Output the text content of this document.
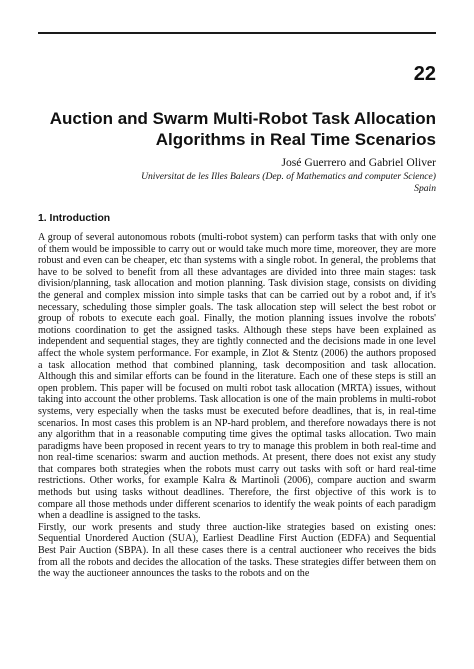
22
Auction and Swarm Multi-Robot Task Allocation
Algorithms in Real Time Scenarios
José Guerrero and Gabriel Oliver
Universitat de les Illes Balears (Dep. of Mathematics and computer Science)
Spain
1. Introduction

A group of several autonomous robots (multi-robot system) can perform tasks that with only one of them would be impossible to carry out or would take much more time, moreover, they are more robust and even can be cheaper, etc than systems with a single robot. In general, the problems that have to be solved to benefit from all these advantages are divided into three main stages: task division/planning, task allocation and motion planning. Task division stage, consists on dividing the general and complex mission into simple tasks that can be carried out by a robot and, if it's necessary, scheduling those simpler goals. The task allocation step will select the best robot or group of robots to execute each goal. Finally, the motion planning issues involve the robots' motions coordination to get the assigned tasks. Although these steps have been explained as independent and sequential stages, they are tightly connected and the decisions made in one level affect the whole system performance. For example, in Zlot & Stentz (2006) the authors proposed a task allocation method that combined planning, task decomposition and task allocation. Although this and similar efforts can be found in the literature. Each one of these steps is still an open problem. This paper will be focused on multi robot task allocation (MRTA) issues, without taking into account the other problems. Task allocation is one of the main problems in multi-robot systems, very especially when the tasks must be executed before deadlines, that is, in real-time scenarios. In most cases this problem is an NP-hard problem, and therefore nowadays there is not any algorithm that in a reasonable computing time gives the optimal tasks allocation. Two main paradigms have been proposed in recent years to try to manage this problem in both real-time and non real-time scenarios: swarm and auction methods. At present, there does not exist any study that compares both strategies when the robots must carry out tasks with soft or hard real-time restrictions. Other works, for example Kalra & Martinoli (2006), compare auction and swarm methods but using tasks without deadlines. Therefore, the first objective of this work is to compare all those methods under different scenarios to identify the weak points of each paradigm when a deadline is assigned to the tasks.

Firstly, our work presents and study three auction-like strategies based on existing ones: Sequential Unordered Auction (SUA), Earliest Deadline First Auction (EDFA) and Sequential Best Pair Auction (SBPA). In all these cases there is a central auctioneer who receives the bids from all the robots and decides the allocation of the tasks. These strategies differ between them on the way the auctioneer announces the tasks to the robots and on the
